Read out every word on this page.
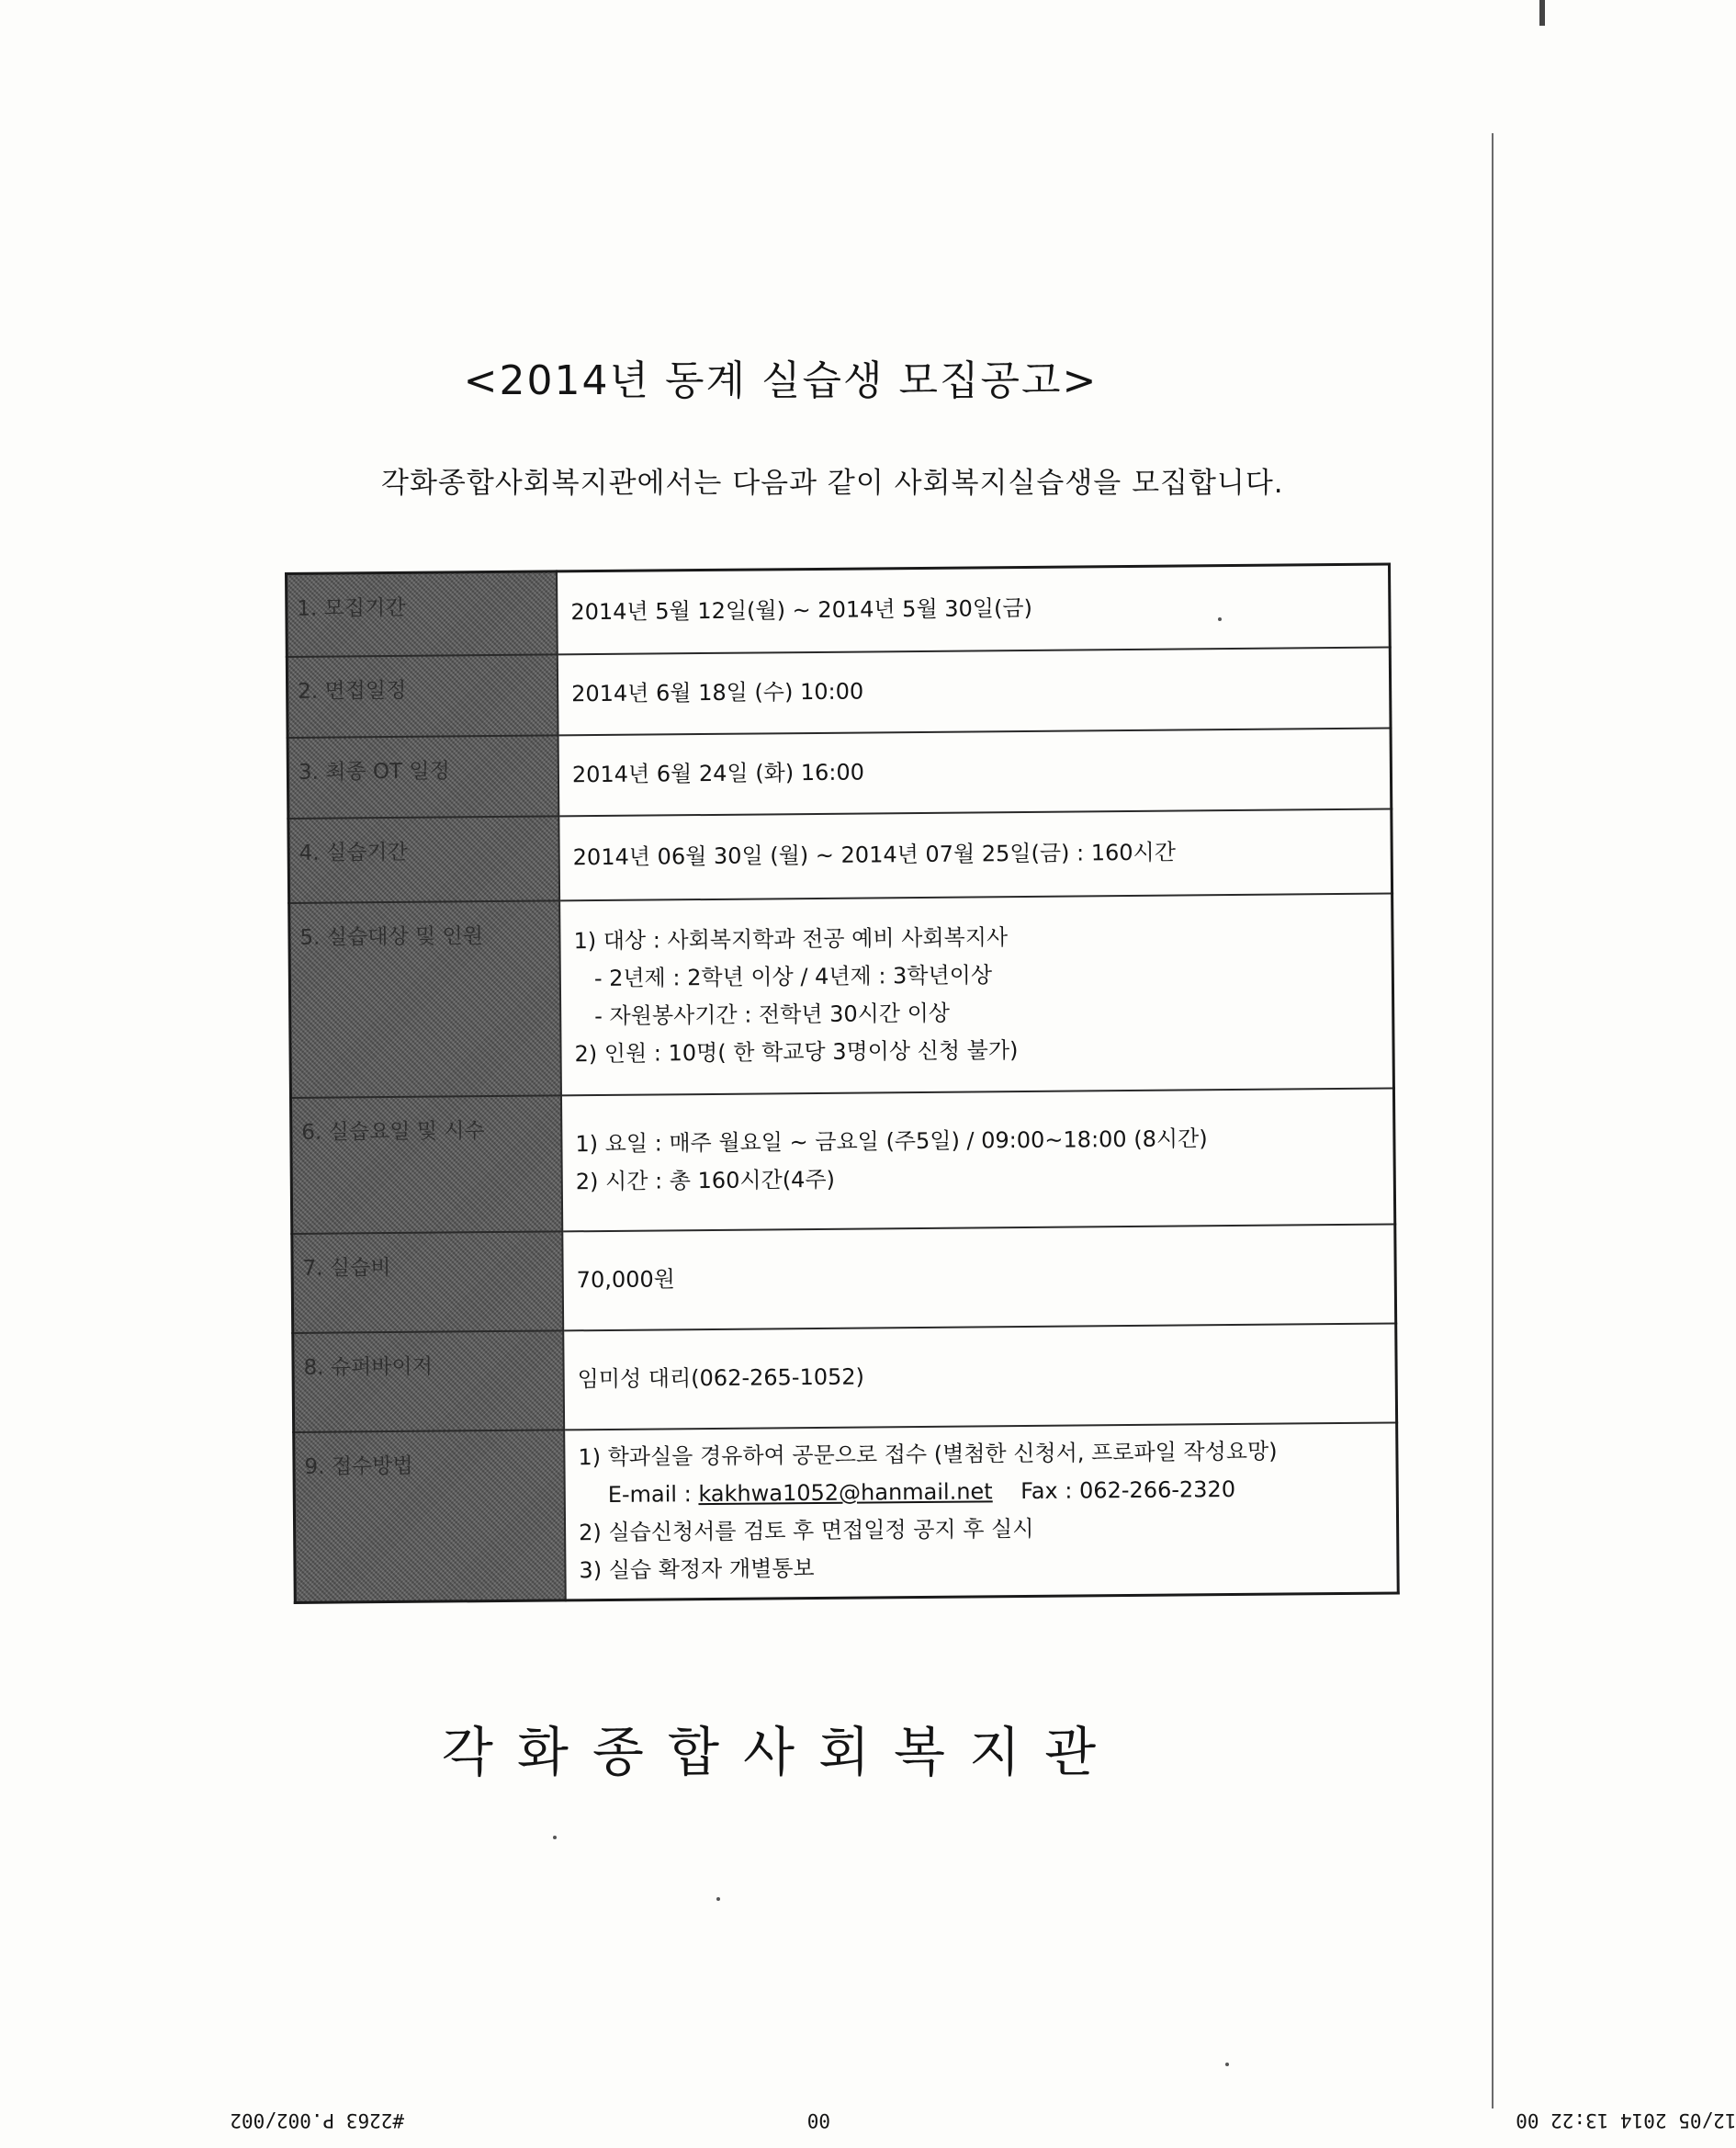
<2014년 동계 실습생 모집공고>
각화종합사회복지관에서는 다음과 같이 사회복지실습생을 모집합니다.
1. 모집기간	2014년 5월 12일(월) ~ 2014년 5월 30일(금)

2. 면접일정	2014년 6월 18일 (수) 10:00

3. 최종 OT 일정	2014년 6월 24일 (화) 16:00

4. 실습기간	2014년 06월 30일 (월) ~ 2014년 07월 25일(금) : 160시간

5. 실습대상 및 인원	1) 대상 : 사회복지학과 전공 예비 사회복지사
- 2년제 : 2학년 이상 / 4년제 : 3학년이상
- 자원봉사기간 : 전학년 30시간 이상
2) 인원 : 10명( 한 학교당 3명이상 신청 불가)

6. 실습요일 및 시수	1) 요일 : 매주 월요일 ~ 금요일 (주5일) / 09:00~18:00 (8시간)
2) 시간 : 총 160시간(4주)

7. 실습비	70,000원

8. 슈퍼바이저	임미성 대리(062-265-1052)

9. 접수방법	1) 학과실을 경유하여 공문으로 접수 (별첨한 신청서, 프로파일 작성요망)
E-mail : kakhwa1052@hanmail.net Fax : 062-266-2320
2) 실습신청서를 검토 후 면접일정 공지 후 실시
3) 실습 확정자 개별통보
각화종합사회복지관
12/05 2014 13:22 00
00
#2263 P.002/002
